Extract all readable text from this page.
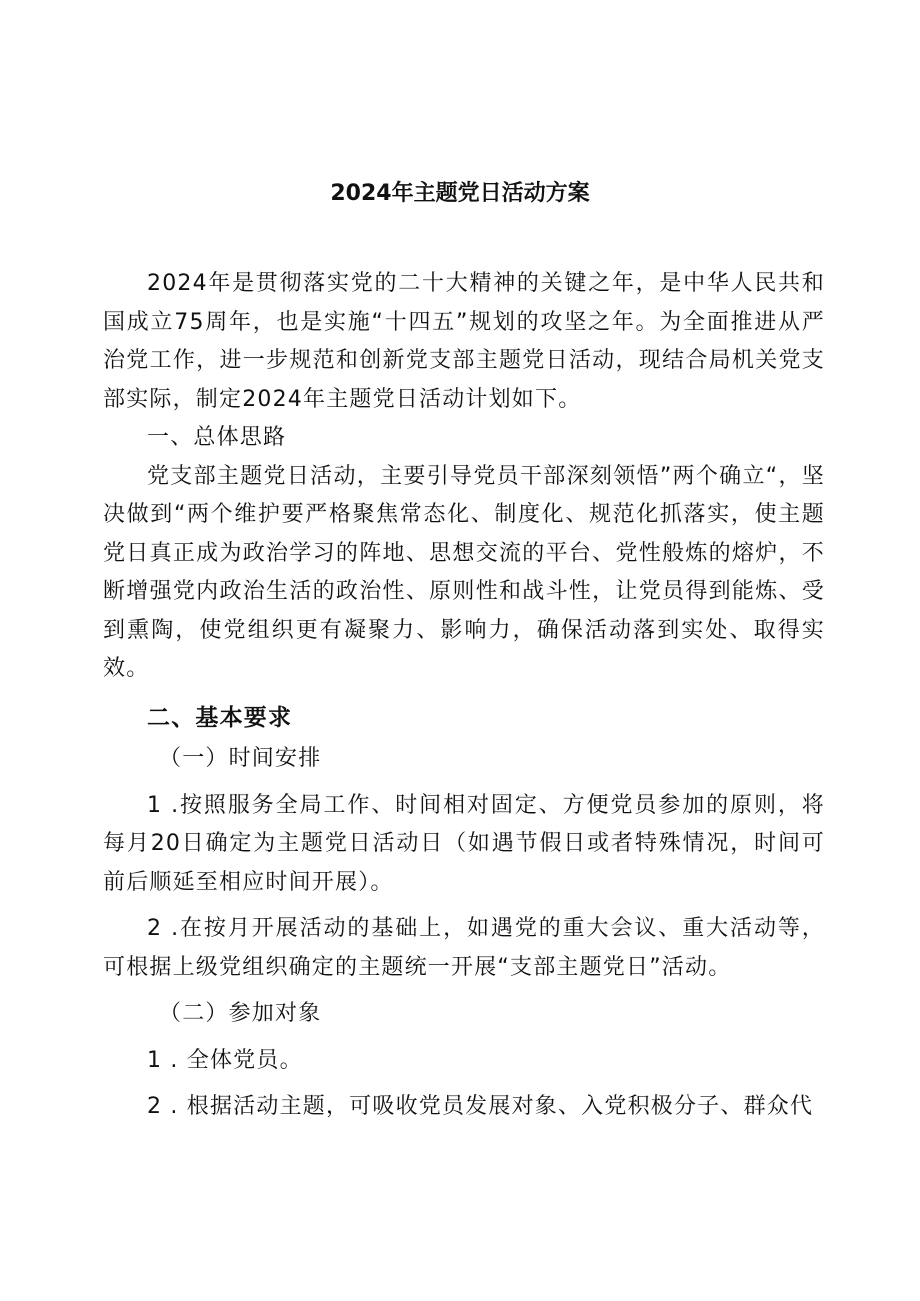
2024年主题党日活动方案

2024年是贯彻落实党的二十大精神的关键之年，是中华人民共和国成立75周年，也是实施“十四五”规划的攻坚之年。为全面推进从严治党工作，进一步规范和创新党支部主题党日活动，现结合局机关党支部实际，制定2024年主题党日活动计划如下。

一、总体思路

党支部主题党日活动，主要引导党员干部深刻领悟”两个确立“，坚决做到“两个维护要严格聚焦常态化、制度化、规范化抓落实，使主题党日真正成为政治学习的阵地、思想交流的平台、党性般炼的熔炉，不断增强党内政治生活的政治性、原则性和战斗性，让党员得到能炼、受到熏陶，使党组织更有凝聚力、影响力，确保活动落到实处、取得实效。

二、基本要求

（一）时间安排

1 .按照服务全局工作、时间相对固定、方便党员参加的原则，将每月20日确定为主题党日活动日（如遇节假日或者特殊情况，时间可前后顺延至相应时间开展）。

2 .在按月开展活动的基础上，如遇党的重大会议、重大活动等，可根据上级党组织确定的主题统一开展“支部主题党日”活动。

（二）参加对象

1 . 全体党员。

2 . 根据活动主题，可吸收党员发展对象、入党积极分子、群众代
